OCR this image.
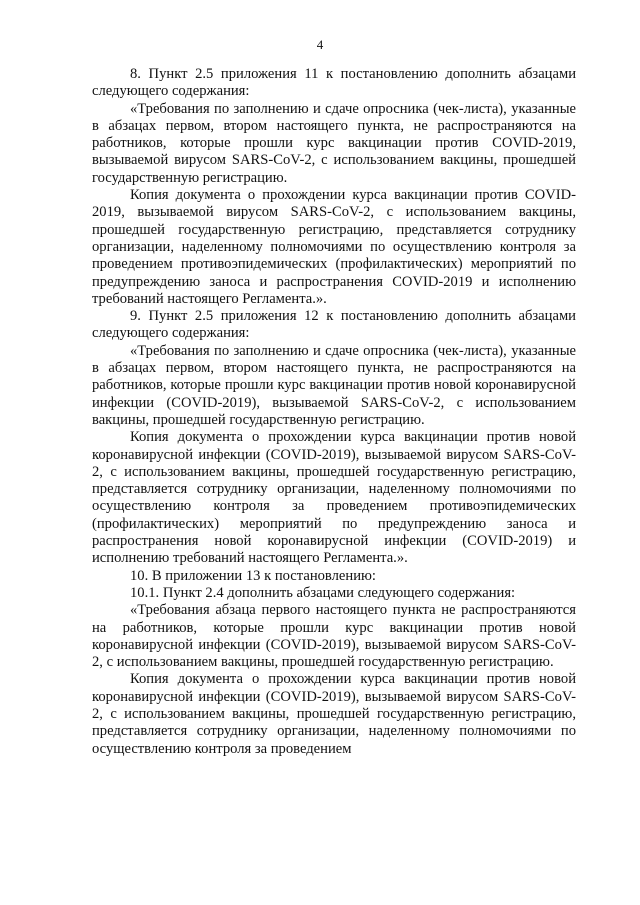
4

8. Пункт 2.5 приложения 11 к постановлению дополнить абзацами следующего содержания:

«Требования по заполнению и сдаче опросника (чек-листа), указанные в абзацах первом, втором настоящего пункта, не распространяются на работников, которые прошли курс вакцинации против COVID-2019, вызываемой вирусом SARS-CoV-2, с использованием вакцины, прошедшей государственную регистрацию.

Копия документа о прохождении курса вакцинации против COVID-2019, вызываемой вирусом SARS-CoV-2, с использованием вакцины, прошедшей государственную регистрацию, представляется сотруднику организации, наделенному полномочиями по осуществлению контроля за проведением противоэпидемических (профилактических) мероприятий по предупреждению заноса и распространения COVID-2019 и исполнению требований настоящего Регламента.».

9. Пункт 2.5 приложения 12 к постановлению дополнить абзацами следующего содержания:

«Требования по заполнению и сдаче опросника (чек-листа), указанные в абзацах первом, втором настоящего пункта, не распространяются на работников, которые прошли курс вакцинации против новой коронавирусной инфекции (COVID-2019), вызываемой SARS-CoV-2, с использованием вакцины, прошедшей государственную регистрацию.

Копия документа о прохождении курса вакцинации против новой коронавирусной инфекции (COVID-2019), вызываемой вирусом SARS-CoV-2, с использованием вакцины, прошедшей государственную регистрацию, представляется сотруднику организации, наделенному полномочиями по осуществлению контроля за проведением противоэпидемических (профилактических) мероприятий по предупреждению заноса и распространения новой коронавирусной инфекции (COVID-2019) и исполнению требований настоящего Регламента.».

10. В приложении 13 к постановлению:

10.1. Пункт 2.4 дополнить абзацами следующего содержания:

«Требования абзаца первого настоящего пункта не распространяются на работников, которые прошли курс вакцинации против новой коронавирусной инфекции (COVID-2019), вызываемой вирусом SARS-CoV-2, с использованием вакцины, прошедшей государственную регистрацию.

Копия документа о прохождении курса вакцинации против новой коронавирусной инфекции (COVID-2019), вызываемой вирусом SARS-CoV-2, с использованием вакцины, прошедшей государственную регистрацию, представляется сотруднику организации, наделенному полномочиями по осуществлению контроля за проведением
